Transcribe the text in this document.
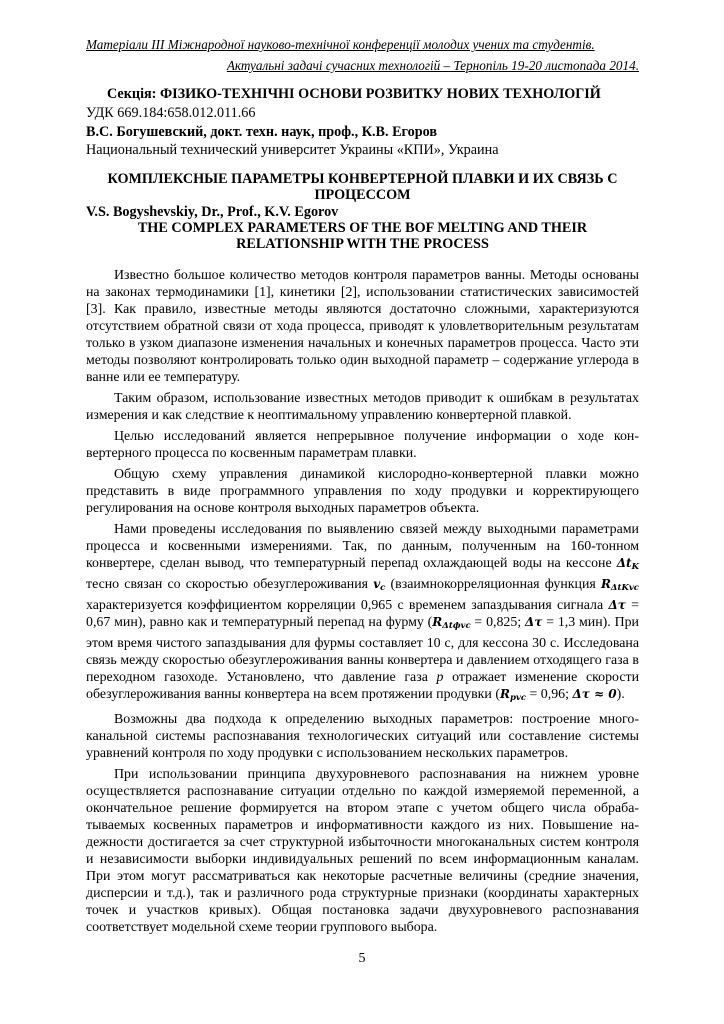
Матеріали III Міжнародної науково-технічної конференції молодих учених та студентів.
Актуальні задачі сучасних технологій – Тернопіль 19-20 листопада 2014.
Секція: ФІЗИКО-ТЕХНІЧНІ ОСНОВИ РОЗВИТКУ НОВИХ ТЕХНОЛОГІЙ
УДК 669.184:658.012.011.66
В.С. Богушевский, докт. техн. наук, проф., К.В. Егоров
Национальный технический университет Украины «КПИ», Украина
КОМПЛЕКСНЫЕ ПАРАМЕТРЫ КОНВЕРТЕРНОЙ ПЛАВКИ И ИХ СВЯЗЬ С
ПРОЦЕССОМ
V.S. Bogyshevskiy, Dr., Prof., K.V. Egorov
THE COMPLEX PARAMETERS OF THE BOF MELTING AND THEIR
RELATIONSHIP WITH THE PROCESS

Известно большое количество методов контроля параметров ванны. Методы основаны на законах термодинамики [1], кинетики [2], использовании статистических зависимостей [3]. Как правило, известные методы являются достаточно сложными, характеризуются отсутствием обратной связи от хода процесса, приводят к уловлетворительным результатам только в узком диапазоне изменения начальных и конечных параметров процесса. Часто эти методы позволяют контролировать только один выходной параметр – содержание углерода в ванне или ее температуру.

Таким образом, использование известных методов приводит к ошибкам в результатах измерения и как следствие к неоптимальному управлению конвертерной плавкой.

Целью исследований является непрерывное получение информации о ходе конвертерного процесса по косвенным параметрам плавки.

Общую схему управления динамикой кислородно-конвертерной плавки можно представить в виде программного управления по ходу продувки и корректирующего регулирования на основе контроля выходных параметров объекта.

Нами проведены исследования по выявлению связей между выходными параметрами процесса и косвенными измерениями. Так, по данным, полученным на 160-тонном конвертере, сделан вывод, что температурный перепад охлаждающей воды на кессоне $\Delta t_K$ тесно связан со скоростью обезуглероживания $v_c$ (взаимнокорреляционная функция $R_{\Delta tKvc}$ характеризуется коэффициентом корреляции 0,965 с временем запаздывания сигнала Δτ = 0,67 мин), равно как и температурный перепад на фурму ($R_{\Delta tфvc} = 0,825$; Δτ = 1,3 мин). При этом время чистого запаздывания для фурмы составляет 10 с, для кессона 30 с. Исследована связь между скоростью обезуглероживания ванны конвертера и давлением отходящего газа в переходном газоходе. Установлено, что давление газа p отражает изменение скорости обезуглероживания ванны конвертера на всем протяжении продувки ($R_{pvc} = 0,96$; Δτ ≈ 0).

Возможны два подхода к определению выходных параметров: построение многоканальной системы распознавания технологических ситуаций или составление системы уравнений контроля по ходу продувки с использованием нескольких параметров.

При использовании принципа двухуровневого распознавания на нижнем уровне осуществляется распознавание ситуации отдельно по каждой измеряемой переменной, а окончательное решение формируется на втором этапе с учетом общего числа обрабатываемых косвенных параметров и информативности каждого из них. Повышение надежности достигается за счет структурной избыточности многоканальных систем контроля и независимости выборки индивидуальных решений по всем информационным каналам. При этом могут рассматриваться как некоторые расчетные величины (средние значения, дисперсии и т.д.), так и различного рода структурные признаки (координаты характерных точек и участков кривых). Общая постановка задачи двухуровневого распознавания соответствует модельной схеме теории группового выбора.

5
